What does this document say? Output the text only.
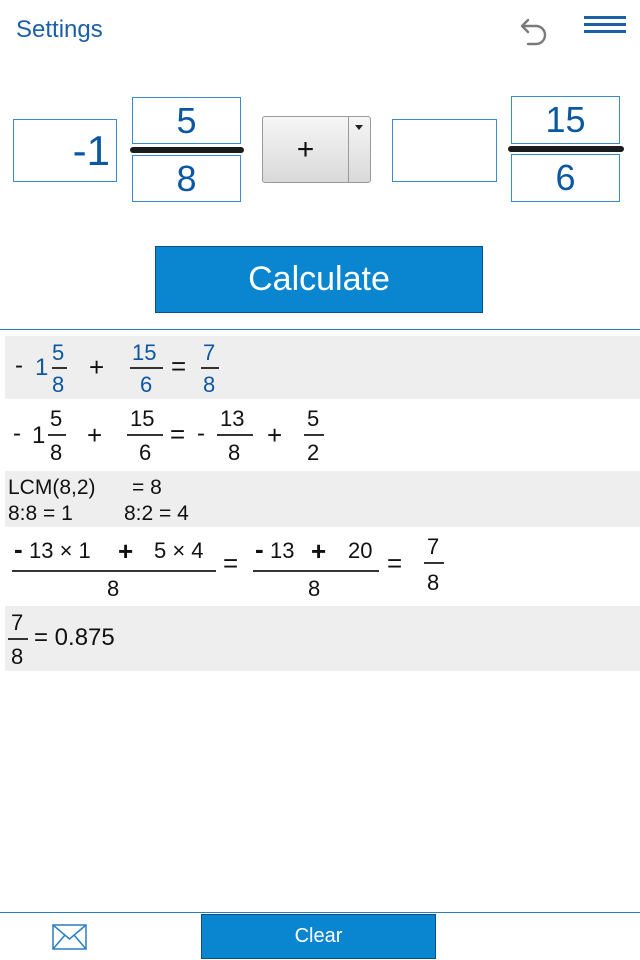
Settings
-1
5
8
+
15
6
Calculate
- 1
5
8
+ 15
6
= 7
8
- 1
5
8
+
15
6
= -
13
8
+
5
2
LCM(8,2) = 8
8:8 = 1 8:2 = 4
- 13 × 1 + 5 × 4
8
= - 13 + 20
8
=
7
8
7
8
= 0.875
Clear
